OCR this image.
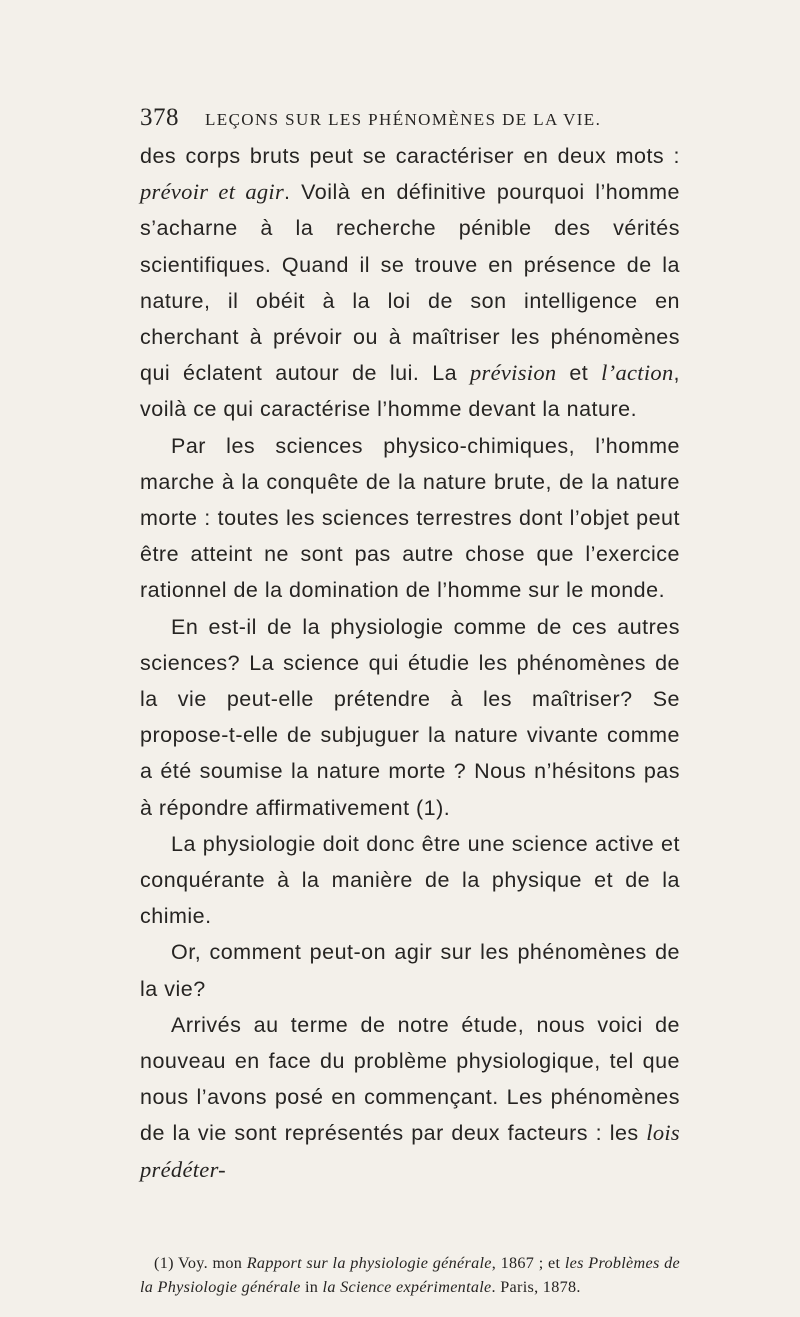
378 LEÇONS SUR LES PHÉNOMÈNES DE LA VIE.

des corps bruts peut se caractériser en deux mots : prévoir et agir. Voilà en définitive pourquoi l’homme s’acharne à la recherche pénible des vérités scientifiques. Quand il se trouve en présence de la nature, il obéit à la loi de son intelligence en cherchant à prévoir ou à maîtriser les phénomènes qui éclatent autour de lui. La prévision et l’action, voilà ce qui caractérise l’homme devant la nature.

Par les sciences physico-chimiques, l’homme marche à la conquête de la nature brute, de la nature morte : toutes les sciences terrestres dont l’objet peut être atteint ne sont pas autre chose que l’exercice rationnel de la domination de l’homme sur le monde.

En est-il de la physiologie comme de ces autres sciences? La science qui étudie les phénomènes de la vie peut-elle prétendre à les maîtriser? Se propose-t-elle de subjuguer la nature vivante comme a été soumise la nature morte ? Nous n’hésitons pas à répondre affirmativement (1).

La physiologie doit donc être une science active et conquérante à la manière de la physique et de la chimie.

Or, comment peut-on agir sur les phénomènes de la vie?

Arrivés au terme de notre étude, nous voici de nouveau en face du problème physiologique, tel que nous l’avons posé en commençant. Les phénomènes de la vie sont représentés par deux facteurs : les lois prédéter-

(1) Voy. mon Rapport sur la physiologie générale, 1867 ; et les Problèmes de la Physiologie générale in la Science expérimentale. Paris, 1878.
